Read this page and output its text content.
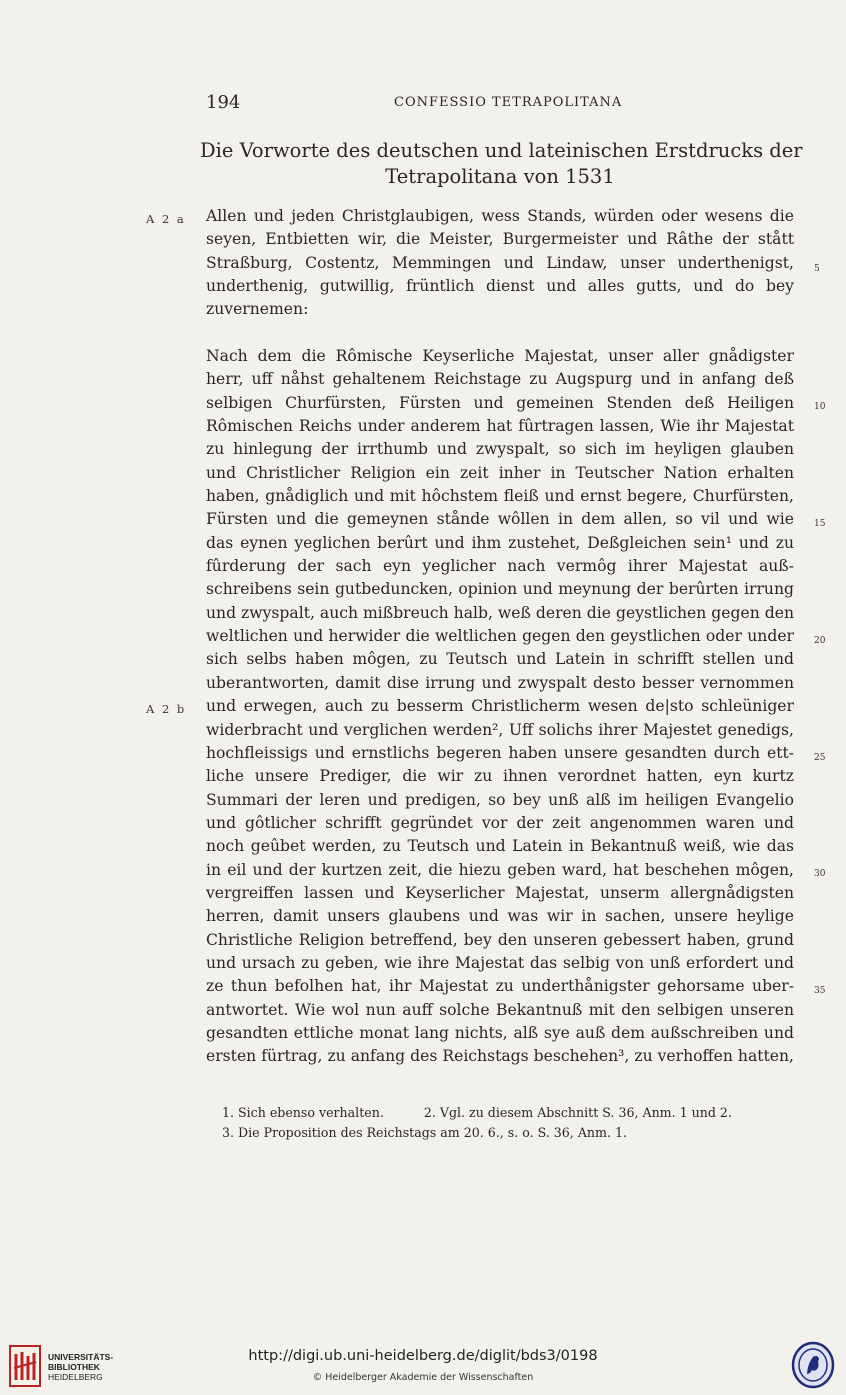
194	CONFESSIO TETRAPOLITANA
Die Vorworte des deutschen und lateinischen Erstdrucks der
Tetrapolitana von 1531
A 2 a
A 2 b
5
10
15
20
25
30
35
Allen und jeden Christglaubigen, wess Stands, würden oder wesens die
seyen, Entbietten wir, die Meister, Burgermeister und Râthe der stått
Straßburg, Costentz, Memmingen und Lindaw, unser underthenigst,
underthenig, gutwillig, früntlich dienst und alles gutts, und do bey
zuvernemen:
Nach dem die Rômische Keyserliche Majestat, unser aller gnådigster
herr, uff nåhst gehaltenem Reichstage zu Augspurg und in anfang deß
selbigen Churfürsten, Fürsten und gemeinen Stenden deß Heiligen
Rômischen Reichs under anderem hat fûrtragen lassen, Wie ihr Majestat
zu hinlegung der irrthumb und zwyspalt, so sich im heyligen glauben
und Christlicher Religion ein zeit inher in Teutscher Nation erhalten
haben, gnådiglich und mit hôchstem fleiß und ernst begere, Churfürsten,
Fürsten und die gemeynen stånde wôllen in dem allen, so vil und wie
das eynen yeglichen berûrt und ihm zustehet, Deßgleichen sein¹ und zu
fûrderung der sach eyn yeglicher nach vermôg ihrer Majestat auß-
schreibens sein gutbeduncken, opinion und meynung der berûrten irrung
und zwyspalt, auch mißbreuch halb, weß deren die geystlichen gegen den
weltlichen und herwider die weltlichen gegen den geystlichen oder under
sich selbs haben môgen, zu Teutsch und Latein in schrifft stellen und
uberantworten, damit dise irrung und zwyspalt desto besser vernommen
und erwegen, auch zu besserm Christlicherm wesen de|sto schleüniger
widerbracht und verglichen werden², Uff solichs ihrer Majestet genedigs,
hochfleissigs und ernstlichs begeren haben unsere gesandten durch ett-
liche unsere Prediger, die wir zu ihnen verordnet hatten, eyn kurtz
Summari der leren und predigen, so bey unß alß im heiligen Evangelio
und gôtlicher schrifft gegründet vor der zeit angenommen waren und
noch geûbet werden, zu Teutsch und Latein in Bekantnuß weiß, wie das
in eil und der kurtzen zeit, die hiezu geben ward, hat beschehen môgen,
vergreiffen lassen und Keyserlicher Majestat, unserm allergnådigsten
herren, damit unsers glaubens und was wir in sachen, unsere heylige
Christliche Religion betreffend, bey den unseren gebessert haben, grund
und ursach zu geben, wie ihre Majestat das selbig von unß erfordert und
ze thun befolhen hat, ihr Majestat zu underthånigster gehorsame uber-
antwortet. Wie wol nun auff solche Bekantnuß mit den selbigen unseren
gesandten ettliche monat lang nichts, alß sye auß dem außschreiben und
ersten fürtrag, zu anfang des Reichstags beschehen³, zu verhoffen hatten,
1. Sich ebenso verhalten.	2. Vgl. zu diesem Abschnitt S. 36, Anm. 1 und 2.
3. Die Proposition des Reichstags am 20. 6., s. o. S. 36, Anm. 1.
UNIVERSITÄTS-
BIBLIOTHEK
HEIDELBERG
http://digi.ub.uni-heidelberg.de/diglit/bds3/0198
© Heidelberger Akademie der Wissenschaften
